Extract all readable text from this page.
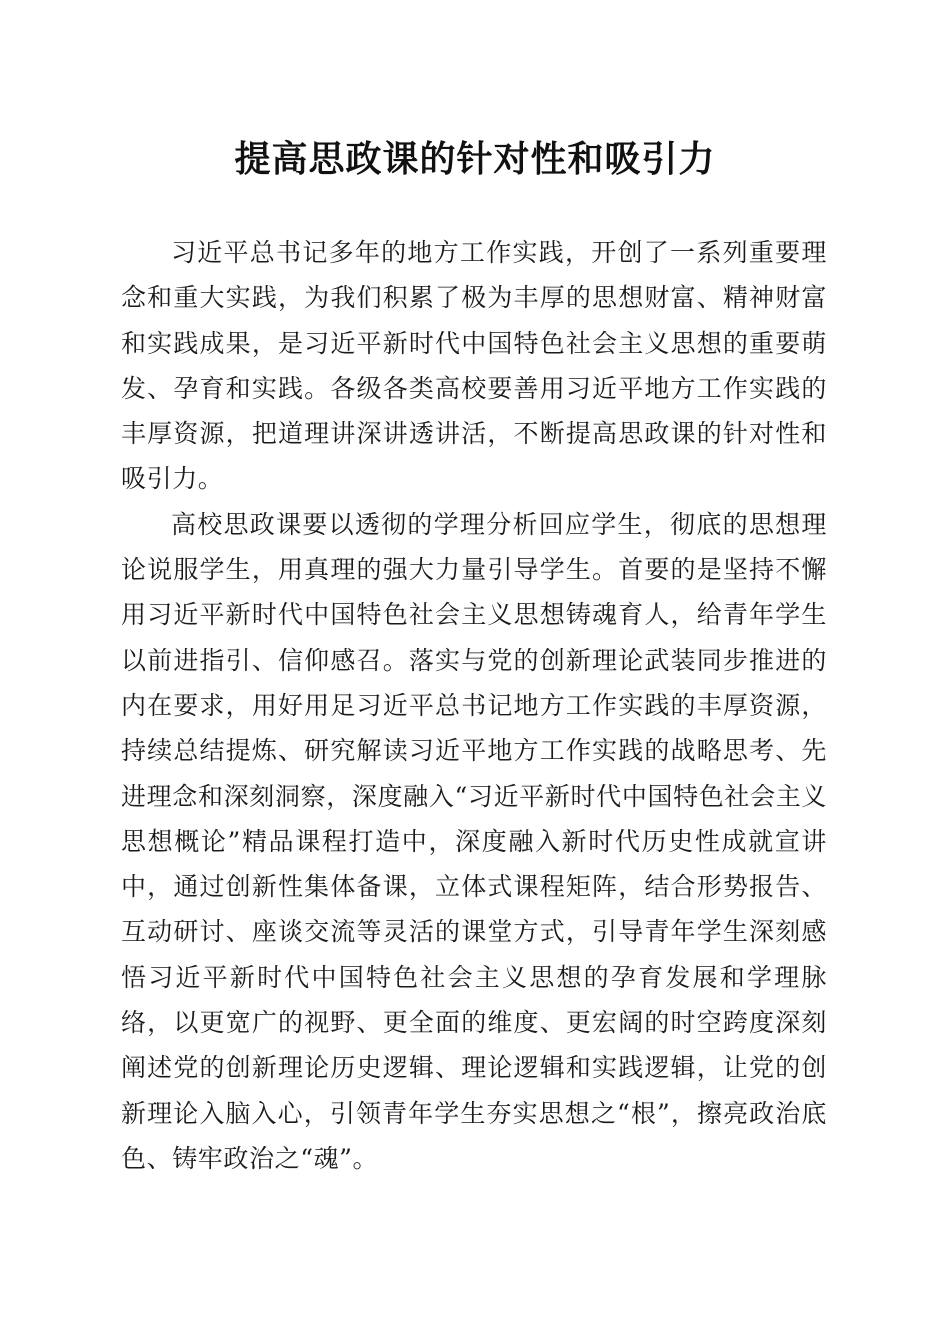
提高思政课的针对性和吸引力

习近平总书记多年的地方工作实践，开创了一系列重要理念和重大实践，为我们积累了极为丰厚的思想财富、精神财富和实践成果，是习近平新时代中国特色社会主义思想的重要萌发、孕育和实践。各级各类高校要善用习近平地方工作实践的丰厚资源，把道理讲深讲透讲活，不断提高思政课的针对性和吸引力。

高校思政课要以透彻的学理分析回应学生，彻底的思想理论说服学生，用真理的强大力量引导学生。首要的是坚持不懈用习近平新时代中国特色社会主义思想铸魂育人，给青年学生以前进指引、信仰感召。落实与党的创新理论武装同步推进的内在要求，用好用足习近平总书记地方工作实践的丰厚资源，持续总结提炼、研究解读习近平地方工作实践的战略思考、先进理念和深刻洞察，深度融入“习近平新时代中国特色社会主义思想概论”精品课程打造中，深度融入新时代历史性成就宣讲中，通过创新性集体备课，立体式课程矩阵，结合形势报告、互动研讨、座谈交流等灵活的课堂方式，引导青年学生深刻感悟习近平新时代中国特色社会主义思想的孕育发展和学理脉络，以更宽广的视野、更全面的维度、更宏阔的时空跨度深刻阐述党的创新理论历史逻辑、理论逻辑和实践逻辑，让党的创新理论入脑入心，引领青年学生夯实思想之“根”，擦亮政治底色、铸牢政治之“魂”。
